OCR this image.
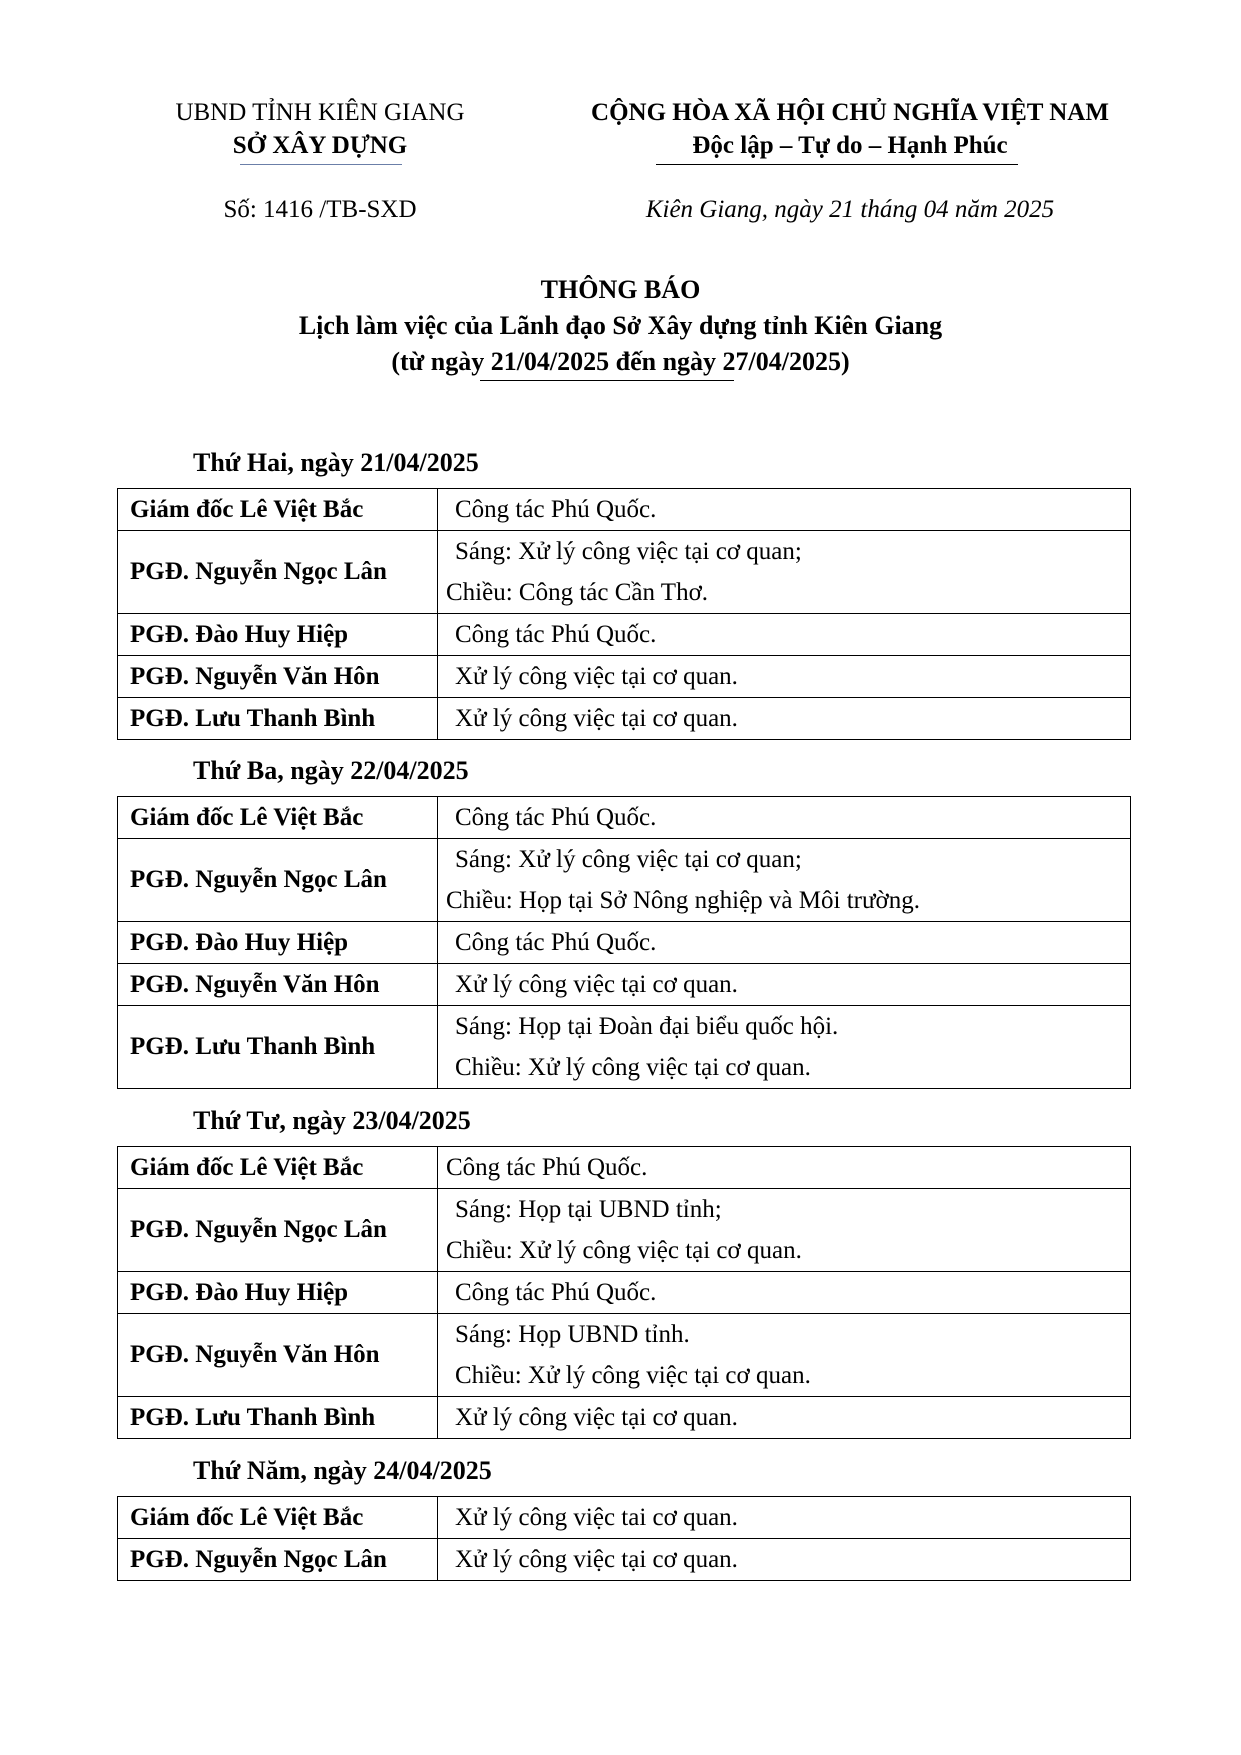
UBND TỈNH KIÊN GIANG
SỞ XÂY DỰNG
CỘNG HÒA XÃ HỘI CHỦ NGHĨA VIỆT NAM
Độc lập – Tự do – Hạnh Phúc
Số: 1416 /TB-SXD	Kiên Giang, ngày 21 tháng 04 năm 2025
THÔNG BÁO
Lịch làm việc của Lãnh đạo Sở Xây dựng tỉnh Kiên Giang
(từ ngày 21/04/2025 đến ngày 27/04/2025)
Thứ Hai, ngày 21/04/2025
Giám đốc Lê Việt Bắc	Công tác Phú Quốc.

PGĐ. Nguyễn Ngọc Lân	Sáng: Xử lý công việc tại cơ quan;
Chiều: Công tác Cần Thơ.

PGĐ. Đào Huy Hiệp	Công tác Phú Quốc.

PGĐ. Nguyễn Văn Hôn	Xử lý công việc tại cơ quan.

PGĐ. Lưu Thanh Bình	Xử lý công việc tại cơ quan.
Thứ Ba, ngày 22/04/2025
Giám đốc Lê Việt Bắc	Công tác Phú Quốc.

PGĐ. Nguyễn Ngọc Lân	Sáng: Xử lý công việc tại cơ quan;
Chiều: Họp tại Sở Nông nghiệp và Môi trường.

PGĐ. Đào Huy Hiệp	Công tác Phú Quốc.

PGĐ. Nguyễn Văn Hôn	Xử lý công việc tại cơ quan.

PGĐ. Lưu Thanh Bình	Sáng: Họp tại Đoàn đại biểu quốc hội.
Chiều: Xử lý công việc tại cơ quan.
Thứ Tư, ngày 23/04/2025
Giám đốc Lê Việt Bắc	Công tác Phú Quốc.

PGĐ. Nguyễn Ngọc Lân	Sáng: Họp tại UBND tỉnh;
Chiều: Xử lý công việc tại cơ quan.

PGĐ. Đào Huy Hiệp	Công tác Phú Quốc.

PGĐ. Nguyễn Văn Hôn	Sáng: Họp UBND tỉnh.
Chiều: Xử lý công việc tại cơ quan.

PGĐ. Lưu Thanh Bình	Xử lý công việc tại cơ quan.
Thứ Năm, ngày 24/04/2025
Giám đốc Lê Việt Bắc	Xử lý công việc tai cơ quan.

PGĐ. Nguyễn Ngọc Lân	Xử lý công việc tại cơ quan.
